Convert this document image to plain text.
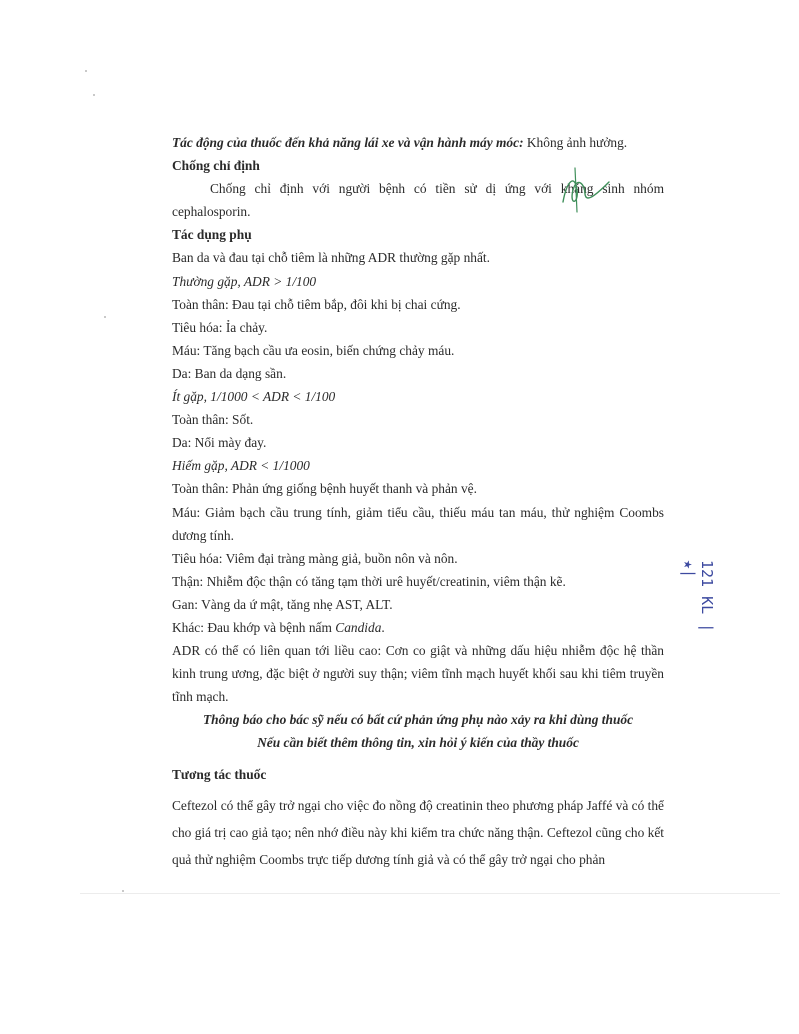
Tác động của thuốc đến khả năng lái xe và vận hành máy móc: Không ảnh hưởng.

Chống chỉ định

Chống chỉ định với người bệnh có tiền sử dị ứng với kháng sinh nhóm cephalosporin.

Tác dụng phụ

Ban da và đau tại chỗ tiêm là những ADR thường gặp nhất.

Thường gặp, ADR > 1/100

Toàn thân: Đau tại chỗ tiêm bắp, đôi khi bị chai cứng.

Tiêu hóa: Ỉa chảy.

Máu: Tăng bạch cầu ưa eosin, biến chứng chảy máu.

Da: Ban da dạng sần.

Ít gặp, 1/1000 < ADR < 1/100

Toàn thân: Sốt.

Da: Nổi mày đay.

Hiếm gặp, ADR < 1/1000

Toàn thân: Phản ứng giống bệnh huyết thanh và phản vệ.

Máu: Giảm bạch cầu trung tính, giảm tiểu cầu, thiếu máu tan máu, thử nghiệm Coombs dương tính.

Tiêu hóa: Viêm đại tràng màng giả, buồn nôn và nôn.

Thận: Nhiễm độc thận có tăng tạm thời urê huyết/creatinin, viêm thận kẽ.

Gan: Vàng da ứ mật, tăng nhẹ AST, ALT.

Khác: Đau khớp và bệnh nấm Candida.

ADR có thể có liên quan tới liều cao: Cơn co giật và những dấu hiệu nhiễm độc hệ thần kinh trung ương, đặc biệt ở người suy thận; viêm tĩnh mạch huyết khối sau khi tiêm truyền tĩnh mạch.

Thông báo cho bác sỹ nếu có bất cứ phản ứng phụ nào xảy ra khi dùng thuốc

Nếu cần biết thêm thông tin, xin hỏi ý kiến của thầy thuốc

Tương tác thuốc

Ceftezol có thể gây trở ngại cho việc đo nồng độ creatinin theo phương pháp Jaffé và có thể cho giá trị cao giả tạo; nên nhớ điều này khi kiểm tra chức năng thận. Ceftezol cũng cho kết quả thử nghiệm Coombs trực tiếp dương tính giả và có thể gây trở ngại cho phản

121 KL |★|
